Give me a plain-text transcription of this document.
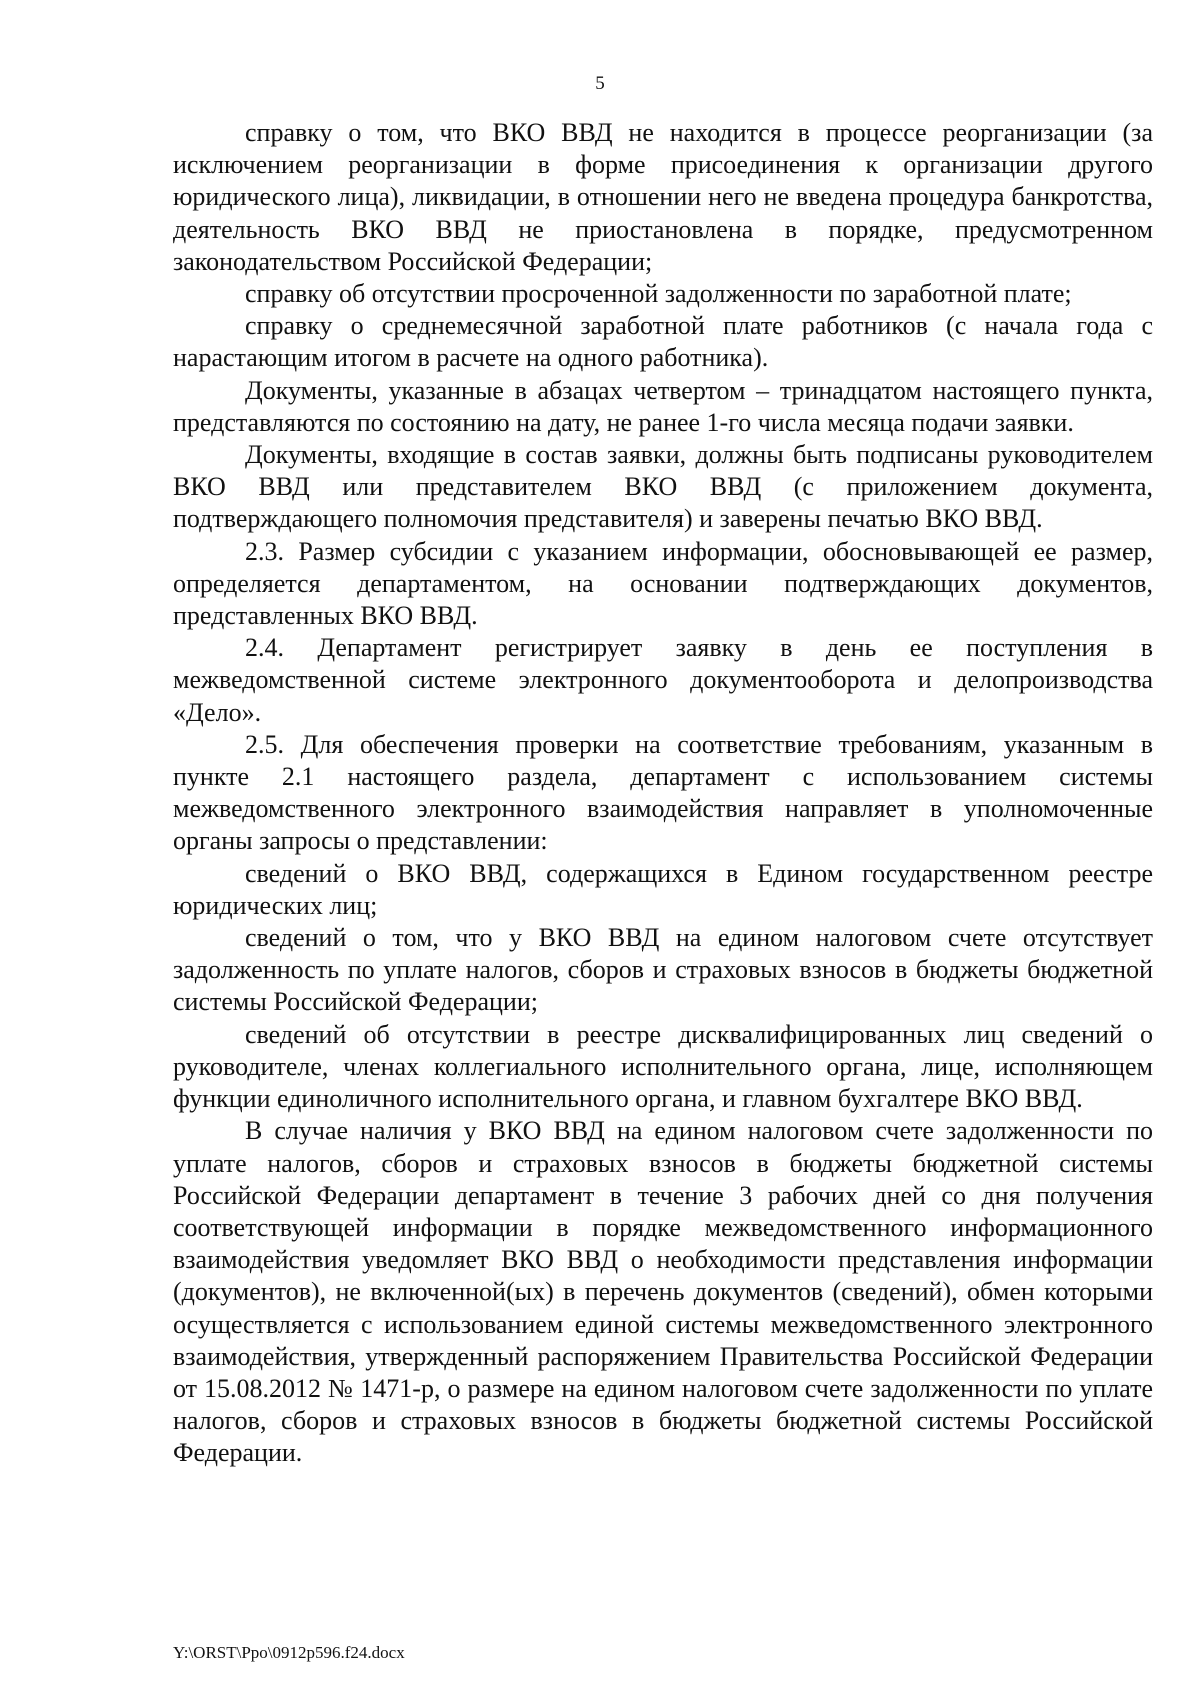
5

справку о том, что ВКО ВВД не находится в процессе реорганизации (за исключением реорганизации в форме присоединения к организации другого юридического лица), ликвидации, в отношении него не введена процедура банкротства, деятельность ВКО ВВД не приостановлена в порядке, предусмотренном законодательством Российской Федерации;

справку об отсутствии просроченной задолженности по заработной плате;

справку о среднемесячной заработной плате работников (с начала года с нарастающим итогом в расчете на одного работника).

Документы, указанные в абзацах четвертом – тринадцатом настоящего пункта, представляются по состоянию на дату, не ранее 1-го числа месяца подачи заявки.

Документы, входящие в состав заявки, должны быть подписаны руководителем ВКО ВВД или представителем ВКО ВВД (с приложением документа, подтверждающего полномочия представителя) и заверены печатью ВКО ВВД.

2.3. Размер субсидии с указанием информации, обосновывающей ее размер, определяется департаментом, на основании подтверждающих документов, представленных ВКО ВВД.

2.4. Департамент регистрирует заявку в день ее поступления в межведомственной системе электронного документооборота и делопроизводства «Дело».

2.5. Для обеспечения проверки на соответствие требованиям, указанным в пункте 2.1 настоящего раздела, департамент с использованием системы межведомственного электронного взаимодействия направляет в уполномоченные органы запросы о представлении:

сведений о ВКО ВВД, содержащихся в Едином государственном реестре юридических лиц;

сведений о том, что у ВКО ВВД на едином налоговом счете отсутствует задолженность по уплате налогов, сборов и страховых взносов в бюджеты бюджетной системы Российской Федерации;

сведений об отсутствии в реестре дисквалифицированных лиц сведений о руководителе, членах коллегиального исполнительного органа, лице, исполняющем функции единоличного исполнительного органа, и главном бухгалтере ВКО ВВД.

В случае наличия у ВКО ВВД на едином налоговом счете задолженности по уплате налогов, сборов и страховых взносов в бюджеты бюджетной системы Российской Федерации департамент в течение 3 рабочих дней со дня получения соответствующей информации в порядке межведомственного информационного взаимодействия уведомляет ВКО ВВД о необходимости представления информации (документов), не включенной(ых) в перечень документов (сведений), обмен которыми осуществляется с использованием единой системы межведомственного электронного взаимодействия, утвержденный распоряжением Правительства Российской Федерации от 15.08.2012 № 1471-р, о размере на едином налоговом счете задолженности по уплате налогов, сборов и страховых взносов в бюджеты бюджетной системы Российской Федерации.

Y:\ORST\Ppo\0912p596.f24.docx
